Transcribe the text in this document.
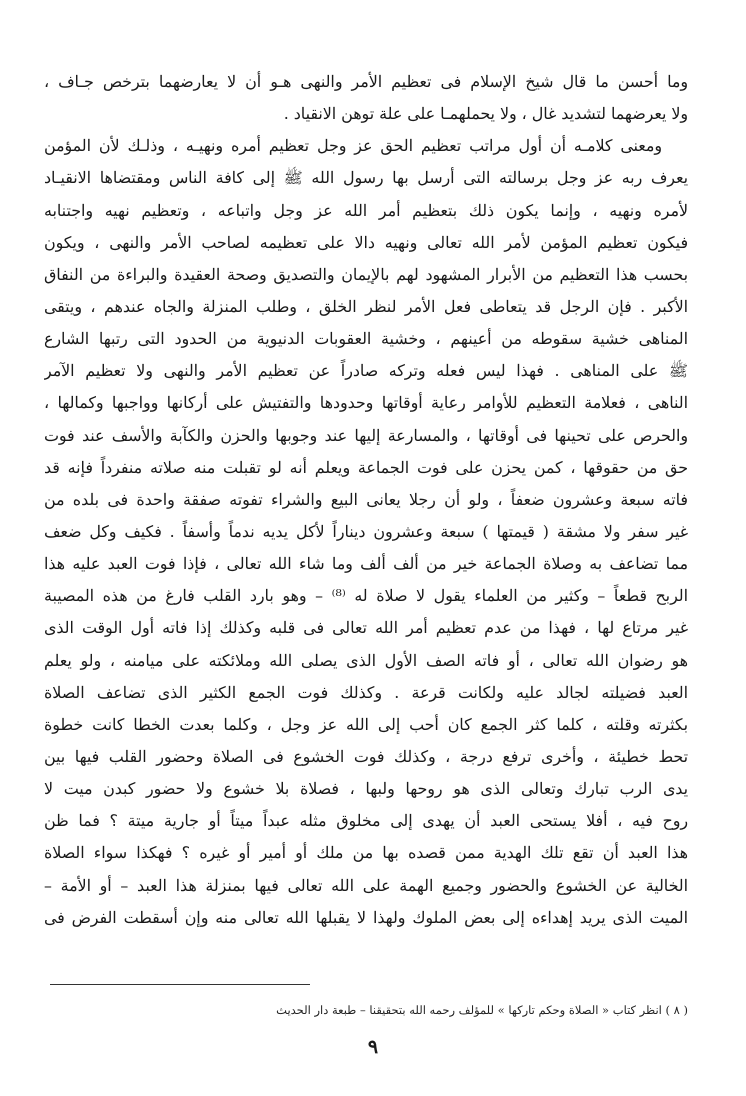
وما أحسن ما قال شيخ الإسلام فى تعظيم الأمر والنهى هـو أن لا يعارضهما بترخص جـاف ،
ولا يعرضهما لتشديد غال ، ولا يحملهمـا على علة توهن الانقياد .
ومعنى كلامـه أن أول مراتب تعظيم الحق عز وجل تعظيم أمره ونهيـه ، وذلـك لأن المؤمن
يعرف ربه عز وجل برسالته التى أرسل بها رسول الله ﷺ إلى كافة الناس ومقتضاها الانقيـاد
لأمره ونهيه ، وإنما يكون ذلك بتعظيم أمر الله عز وجل واتباعه ، وتعظيم نهيه واجتنابه
فيكون تعظيم المؤمن لأمر الله تعالى ونهيه دالا على تعظيمه لصاحب الأمر والنهى ، ويكون
بحسب هذا التعظيم من الأبرار المشهود لهم بالإيمان والتصديق وصحة العقيدة والبراءة من النفاق
الأكبر . فإن الرجل قد يتعاطى فعل الأمر لنظر الخلق ، وطلب المنزلة والجاه عندهم ، ويتقى
المناهى خشية سقوطه من أعينهم ، وخشية العقوبات الدنيوية من الحدود التى رتبها الشارع
ﷺ على المناهى . فهذا ليس فعله وتركه صادراً عن تعظيم الأمر والنهى ولا تعظيم الآمر
الناهى ، فعلامة التعظيم للأوامر رعاية أوقاتها وحدودها والتفتيش على أركانها وواجبها وكمالها ،
والحرص على تحينها فى أوقاتها ، والمسارعة إليها عند وجوبها والحزن والكآبة والأسف عند فوت
حق من حقوقها ، كمن يحزن على فوت الجماعة ويعلم أنه لو تقبلت منه صلاته منفرداً فإنه قد
فاته سبعة وعشرون ضعفاً ، ولو أن رجلا يعانى البيع والشراء تفوته صفقة واحدة فى بلده من
غير سفر ولا مشقة ( قيمتها ) سبعة وعشرون ديناراً لأكل يديه ندماً وأسفاً . فكيف وكل ضعف
مما تضاعف به وصلاة الجماعة خير من ألف ألف وما شاء الله تعالى ، فإذا فوت العبد عليه هذا
الربح قطعاً – وكثير من العلماء يقول لا صلاة له ⁽⁸⁾ – وهو بارد القلب فارغ من هذه المصيبة
غير مرتاع لها ، فهذا من عدم تعظيم أمر الله تعالى فى قلبه وكذلك إذا فاته أول الوقت الذى
هو رضوان الله تعالى ، أو فاته الصف الأول الذى يصلى الله وملائكته على ميامنه ، ولو يعلم
العبد فضيلته لجالد عليه ولكانت قرعة . وكذلك فوت الجمع الكثير الذى تضاعف الصلاة
بكثرته وقلته ، كلما كثر الجمع كان أحب إلى الله عز وجل ، وكلما بعدت الخطا كانت خطوة
تحط خطيئة ، وأخرى ترفع درجة ، وكذلك فوت الخشوع فى الصلاة وحضور القلب فيها بين
يدى الرب تبارك وتعالى الذى هو روحها ولبها ، فصلاة بلا خشوع ولا حضور كبدن ميت لا
روح فيه ، أفلا يستحى العبد أن يهدى إلى مخلوق مثله عبداً ميتاً أو جارية ميتة ؟ فما ظن
هذا العبد أن تقع تلك الهدية ممن قصده بها من ملك أو أمير أو غيره ؟ فهكذا سواء الصلاة
الخالية عن الخشوع والحضور وجميع الهمة على الله تعالى فيها بمنزلة هذا العبد – أو الأمة –
الميت الذى يريد إهداءه إلى بعض الملوك ولهذا لا يقبلها الله تعالى منه وإن أسقطت الفرض فى
( ٨ ) انظر كتاب « الصلاة وحكم تاركها » للمؤلف رحمه الله بتحقيقنا – طبعة دار الحديث
٩
